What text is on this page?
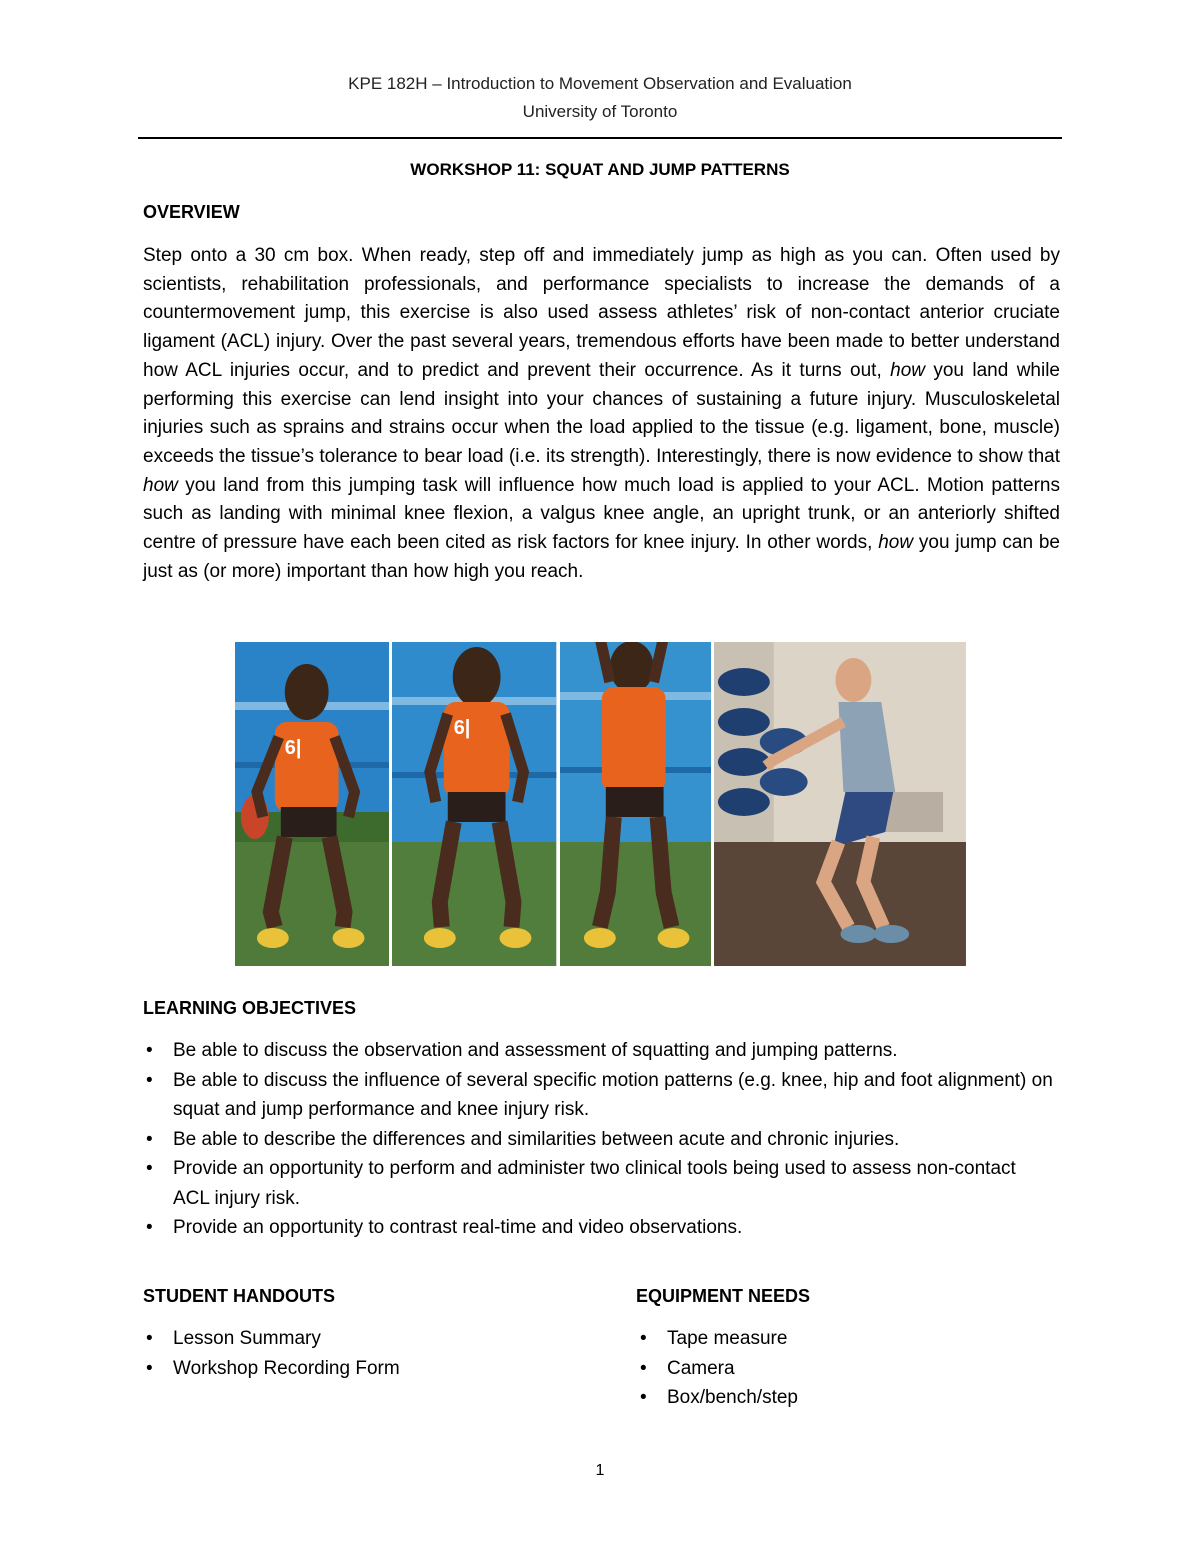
KPE 182H – Introduction to Movement Observation and Evaluation
University of Toronto
WORKSHOP 11: SQUAT AND JUMP PATTERNS
OVERVIEW
Step onto a 30 cm box. When ready, step off and immediately jump as high as you can. Often used by scientists, rehabilitation professionals, and performance specialists to increase the demands of a countermovement jump, this exercise is also used assess athletes’ risk of non-contact anterior cruciate ligament (ACL) injury. Over the past several years, tremendous efforts have been made to better understand how ACL injuries occur, and to predict and prevent their occurrence. As it turns out, how you land while performing this exercise can lend insight into your chances of sustaining a future injury. Musculoskeletal injuries such as sprains and strains occur when the load applied to the tissue (e.g. ligament, bone, muscle) exceeds the tissue’s tolerance to bear load (i.e. its strength). Interestingly, there is now evidence to show that how you land from this jumping task will influence how much load is applied to your ACL. Motion patterns such as landing with minimal knee flexion, a valgus knee angle, an upright trunk, or an anteriorly shifted centre of pressure have each been cited as risk factors for knee injury. In other words, how you jump can be just as (or more) important than how high you reach.
6|
6|
LEARNING OBJECTIVES
• Be able to discuss the observation and assessment of squatting and jumping patterns.
• Be able to discuss the influence of several specific motion patterns (e.g. knee, hip and foot alignment) on squat and jump performance and knee injury risk.
• Be able to describe the differences and similarities between acute and chronic injuries.
• Provide an opportunity to perform and administer two clinical tools being used to assess non-contact ACL injury risk.
• Provide an opportunity to contrast real-time and video observations.
STUDENT HANDOUTS
• Lesson Summary
• Workshop Recording Form
EQUIPMENT NEEDS
• Tape measure
• Camera
• Box/bench/step
1
